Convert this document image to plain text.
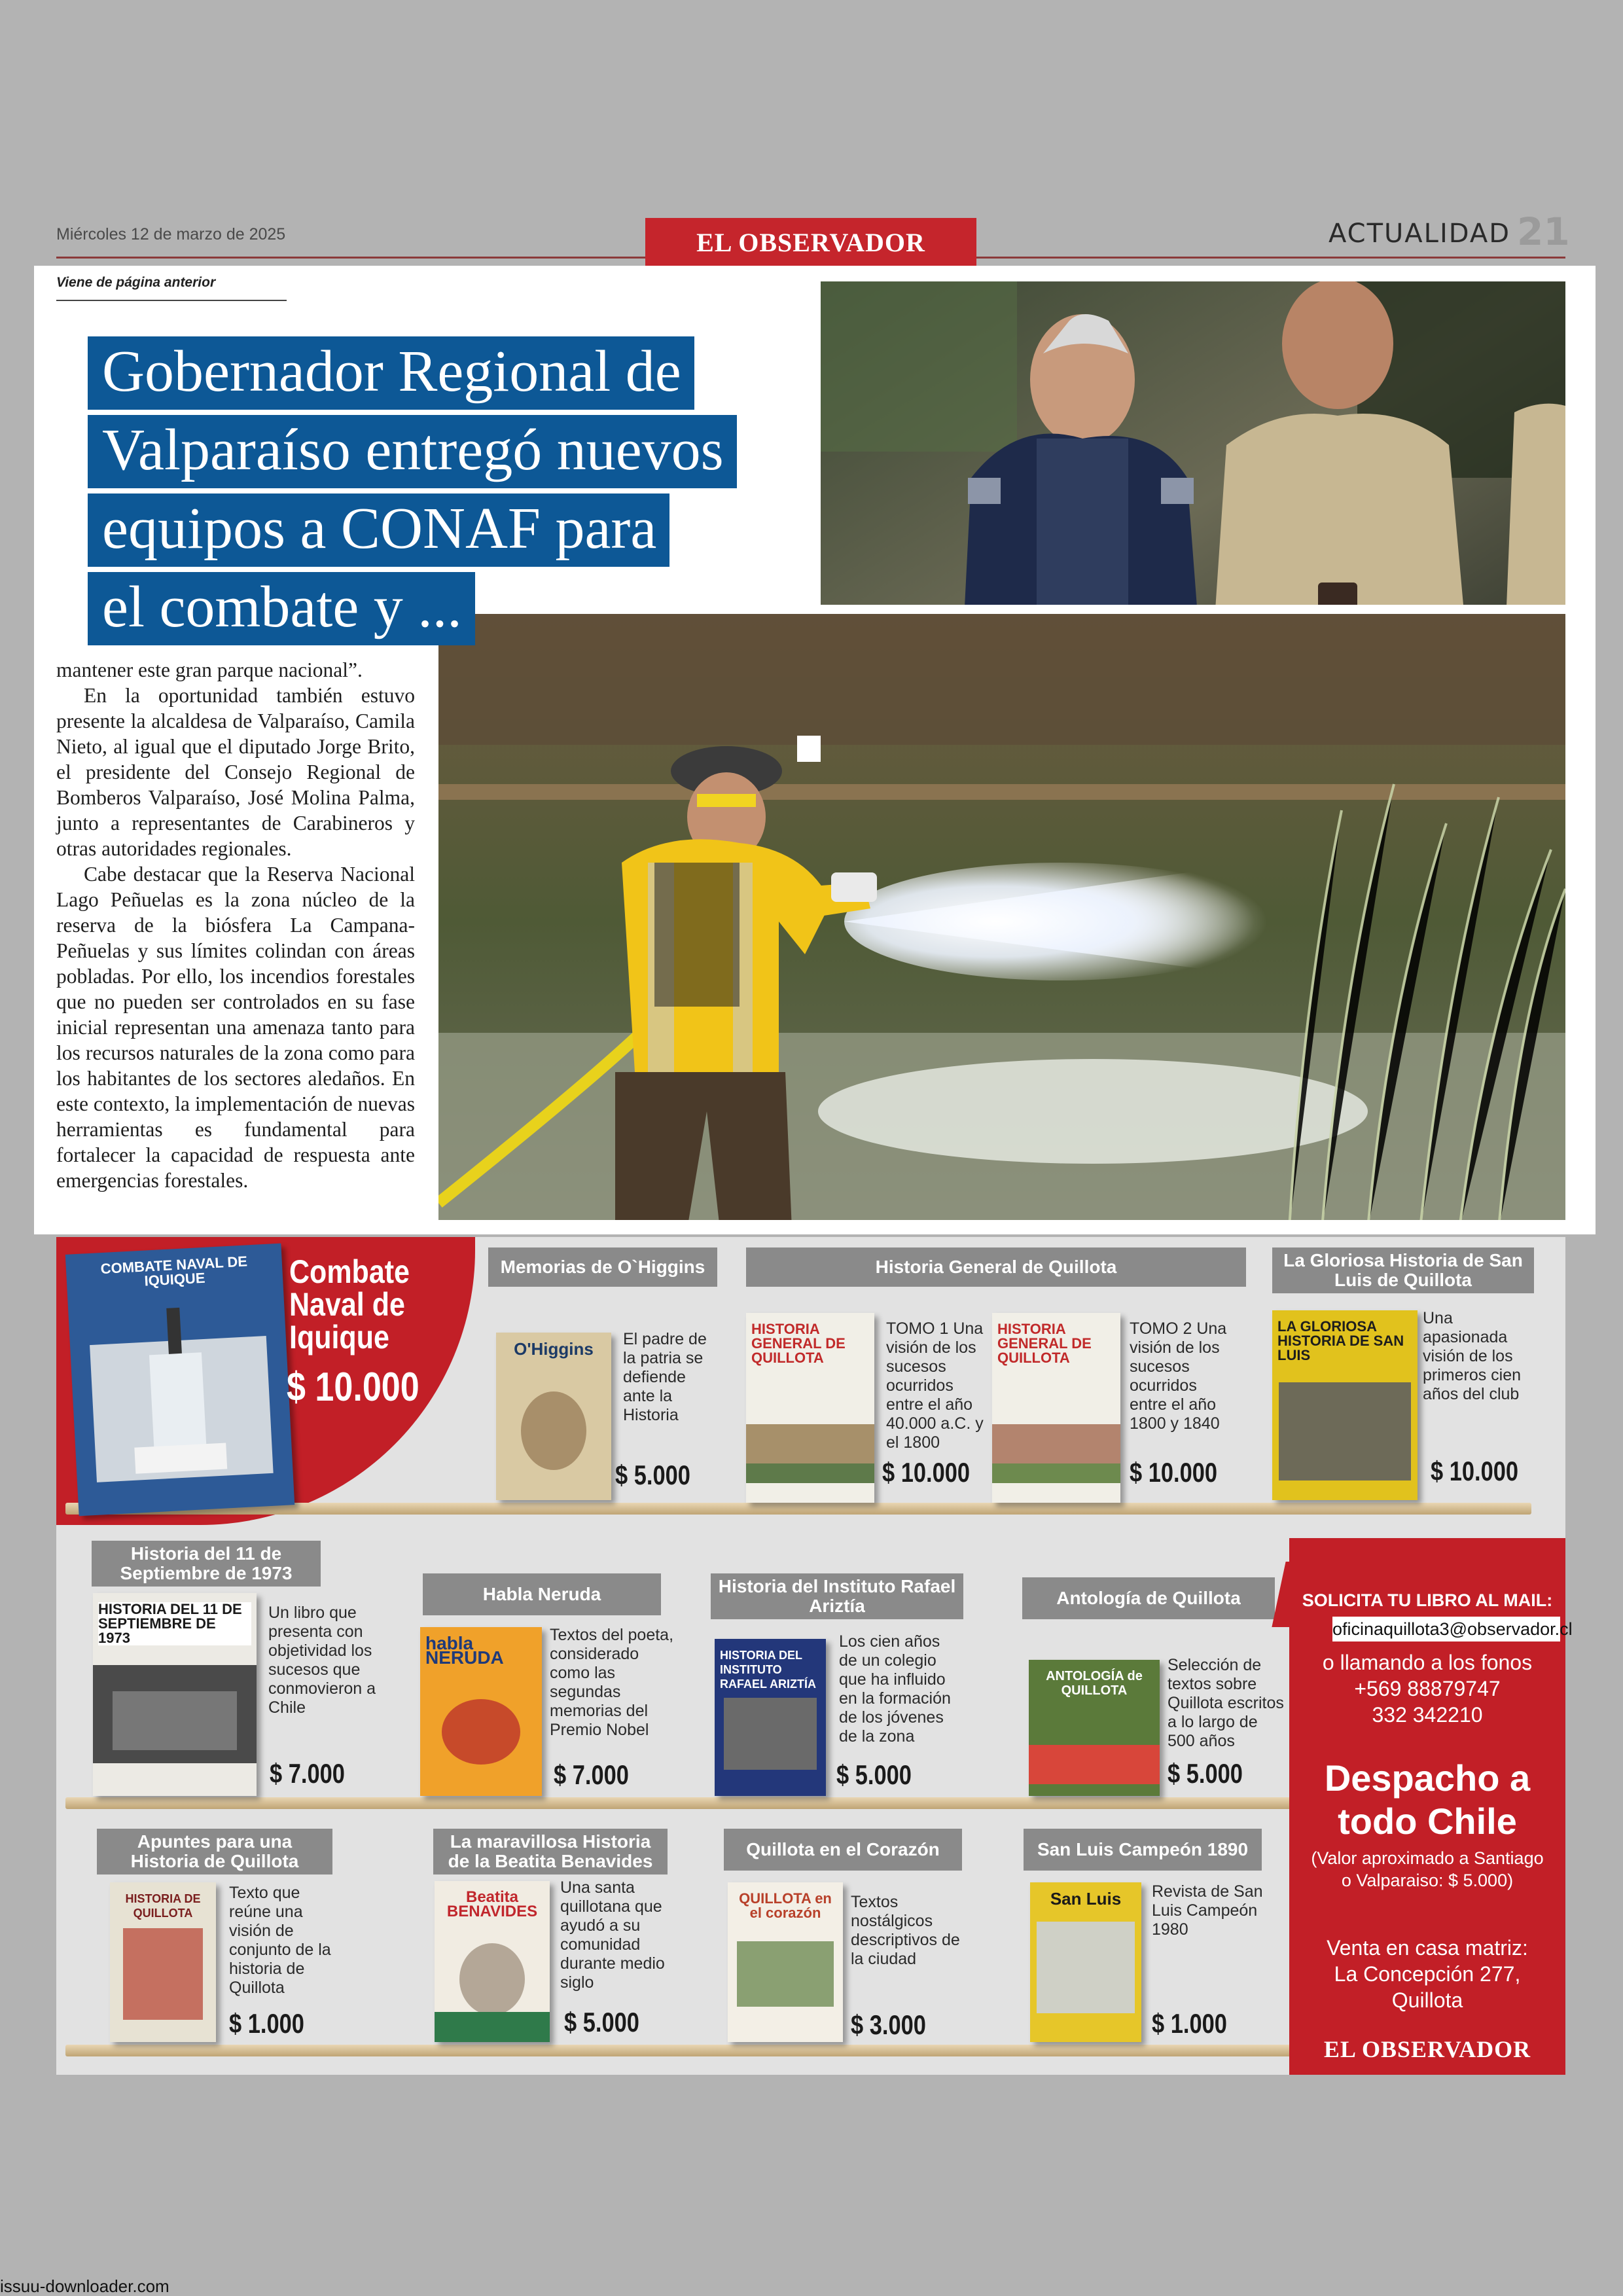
Miércoles 12 de marzo de 2025	EL OBSERVADOR	ACTUALIDAD 21
Viene de página anterior
Gobernador Regional de
Valparaíso entregó nuevos
equipos a CONAF para
el combate y ...

mantener este gran parque nacional”.

En la oportunidad también estuvo presente la alcaldesa de Valparaíso, Camila Nieto, al igual que el diputado Jorge Brito, el presidente del Consejo Regional de Bomberos Valparaíso, José Molina Palma, junto a representantes de Carabineros y otras autoridades regionales.

Cabe destacar que la Reserva Nacional Lago Peñuelas es la zona núcleo de la reserva de la biósfera La Campana-Peñuelas y sus límites colindan con áreas pobladas. Por ello, los incendios forestales que no pueden ser controlados en su fase inicial representan una amenaza tanto para los recursos naturales de la zona como para los habitantes de los sectores aledaños. En este contexto, la implementación de nuevas herramientas es fundamental para fortalecer la capacidad de respuesta ante emergencias forestales.

COMBATE NAVAL DE IQUIQUE	Combate
Naval de
Iquique
$ 10.000
Memorias de O`Higgins
O'Higgins	El padre de la patria se defiende ante la Historia
$ 5.000
Historia General de Quillota
HISTORIA GENERAL DE QUILLOTA
TOMO 1 Una visión de los sucesos ocurridos entre el año 40.000 a.C. y el 1800
$ 10.000
HISTORIA GENERAL DE QUILLOTA
TOMO 2 Una visión de los sucesos ocurridos entre el año 1800 y 1840
$ 10.000
La Gloriosa Historia de San Luis de Quillota
LA GLORIOSA HISTORIA DE SAN LUIS
Una apasionada visión de los primeros cien años del club
$ 10.000
Historia del 11 de Septiembre de 1973
HISTORIA DEL 11 DE SEPTIEMBRE DE 1973
Un libro que presenta con objetividad los sucesos que conmovieron a Chile
$ 7.000
Habla Neruda
habla NERUDA
Textos del poeta, considerado como las segundas memorias del Premio Nobel
$ 7.000
Historia del Instituto Rafael Ariztía
HISTORIA DEL INSTITUTO RAFAEL ARIZTÍA
Los cien años de un colegio que ha influido en la formación de los jóvenes de la zona
$ 5.000
Antología de Quillota
ANTOLOGÍA de QUILLOTA
Selección de textos sobre Quillota escritos a lo largo de 500 años
$ 5.000
Apuntes para una Historia de Quillota
HISTORIA DE QUILLOTA
Texto que reúne una visión de conjunto de la historia de Quillota
$ 1.000
La maravillosa Historia de la Beatita Benavides
Beatita BENAVIDES
Una santa quillotana que ayudó a su comunidad durante medio siglo
$ 5.000
Quillota en el Corazón
QUILLOTA en el corazón
Textos nostálgicos descriptivos de la ciudad
$ 3.000
San Luis Campeón 1890
San Luis	Revista de San Luis Campeón 1980
$ 1.000
SOLICITA TU LIBRO AL MAIL:
o llamando a los fonos
+569 88879747
332 342210
Despacho a
todo Chile
(Valor aproximado a Santiago
o Valparaiso: $ 5.000)
Venta en casa matriz:
La Concepción 277,
Quillota
EL OBSERVADOR
oficinaquillota3@observador.cl
issuu-downloader.com
